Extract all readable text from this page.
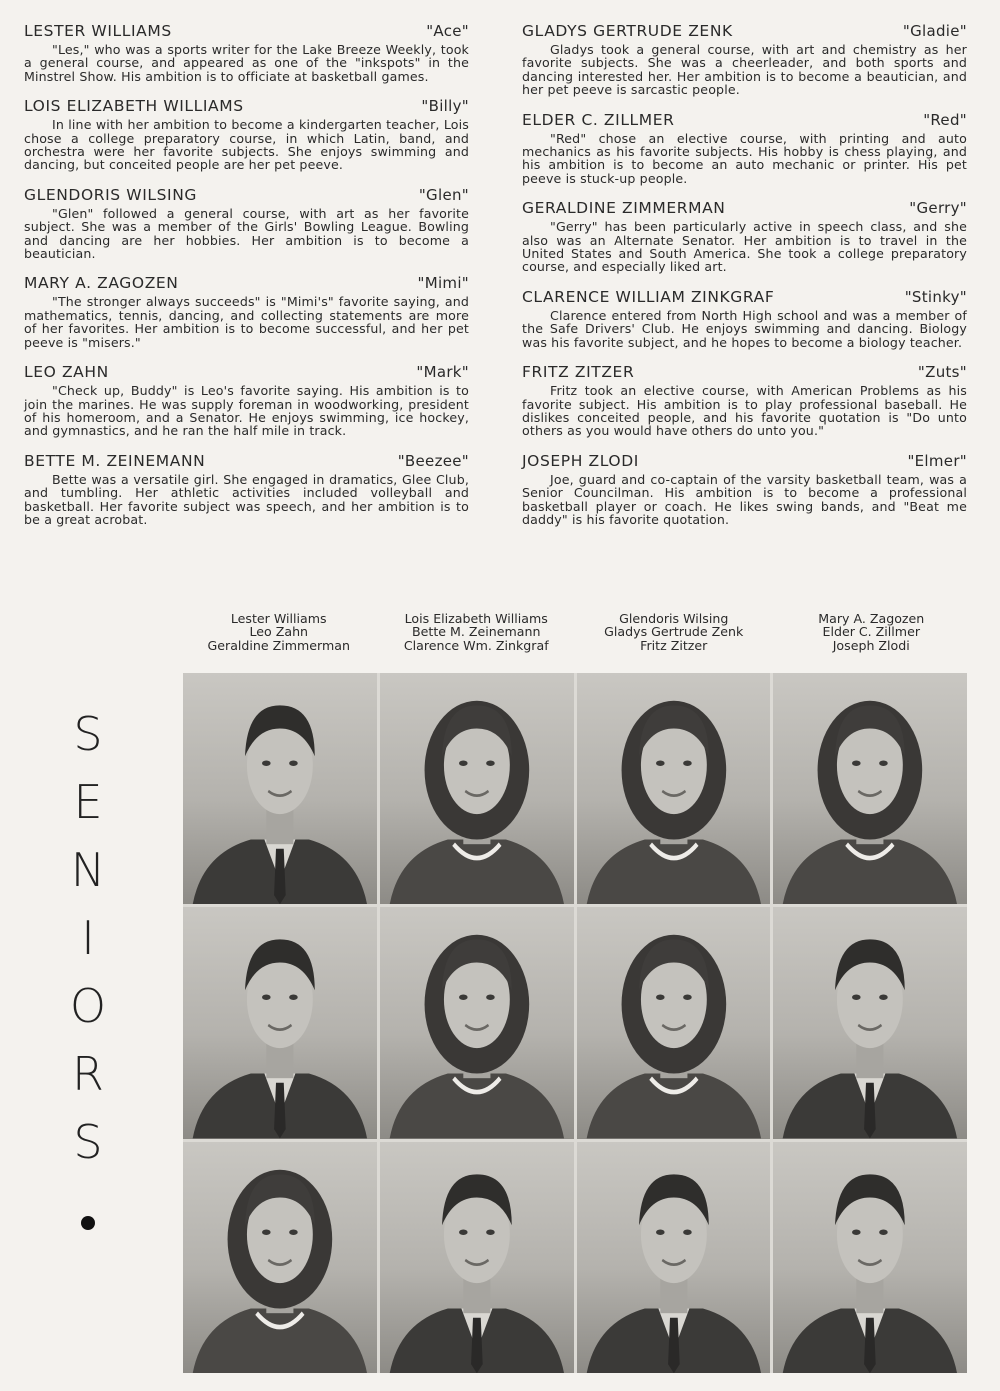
LESTER WILLIAMS	"Ace"
"Les," who was a sports writer for the Lake Breeze Weekly, took a general course, and appeared as one of the "inkspots" in the Minstrel Show. His ambition is to officiate at basketball games.
LOIS ELIZABETH WILLIAMS	"Billy"
In line with her ambition to become a kindergarten teacher, Lois chose a college preparatory course, in which Latin, band, and orchestra were her favorite subjects. She enjoys swimming and dancing, but conceited people are her pet peeve.
GLENDORIS WILSING	"Glen"
"Glen" followed a general course, with art as her favorite subject. She was a member of the Girls' Bowling League. Bowling and dancing are her hobbies. Her ambition is to become a beautician.
MARY A. ZAGOZEN	"Mimi"
"The stronger always succeeds" is "Mimi's" favorite saying, and mathematics, tennis, dancing, and collecting statements are more of her favorites. Her ambition is to become successful, and her pet peeve is "misers."
LEO ZAHN	"Mark"
"Check up, Buddy" is Leo's favorite saying. His ambition is to join the marines. He was supply foreman in woodworking, president of his homeroom, and a Senator. He enjoys swimming, ice hockey, and gymnastics, and he ran the half mile in track.
BETTE M. ZEINEMANN	"Beezee"
Bette was a versatile girl. She engaged in dramatics, Glee Club, and tumbling. Her athletic activities included volleyball and basketball. Her favorite subject was speech, and her ambition is to be a great acrobat.
GLADYS GERTRUDE ZENK	"Gladie"
Gladys took a general course, with art and chemistry as her favorite subjects. She was a cheerleader, and both sports and dancing interested her. Her ambition is to become a beautician, and her pet peeve is sarcastic people.
ELDER C. ZILLMER	"Red"
"Red" chose an elective course, with printing and auto mechanics as his favorite subjects. His hobby is chess playing, and his ambition is to become an auto mechanic or printer. His pet peeve is stuck-up people.
GERALDINE ZIMMERMAN	"Gerry"
"Gerry" has been particularly active in speech class, and she also was an Alternate Senator. Her ambition is to travel in the United States and South America. She took a college preparatory course, and especially liked art.
CLARENCE WILLIAM ZINKGRAF	"Stinky"
Clarence entered from North High school and was a member of the Safe Drivers' Club. He enjoys swimming and dancing. Biology was his favorite subject, and he hopes to become a biology teacher.
FRITZ ZITZER	"Zuts"
Fritz took an elective course, with American Problems as his favorite subject. His ambition is to play professional baseball. He dislikes conceited people, and his favorite quotation is "Do unto others as you would have others do unto you."
JOSEPH ZLODI	"Elmer"
Joe, guard and co-captain of the varsity basketball team, was a Senior Councilman. His ambition is to become a professional basketball player or coach. He likes swing bands, and "Beat me daddy" is his favorite quotation.
Lester Williams
Leo Zahn
Geraldine Zimmerman
Lois Elizabeth Williams
Bette M. Zeinemann
Clarence Wm. Zinkgraf
Glendoris Wilsing
Gladys Gertrude Zenk
Fritz Zitzer
Mary A. Zagozen
Elder C. Zillmer
Joseph Zlodi
S
E
N
I
O
R
S
